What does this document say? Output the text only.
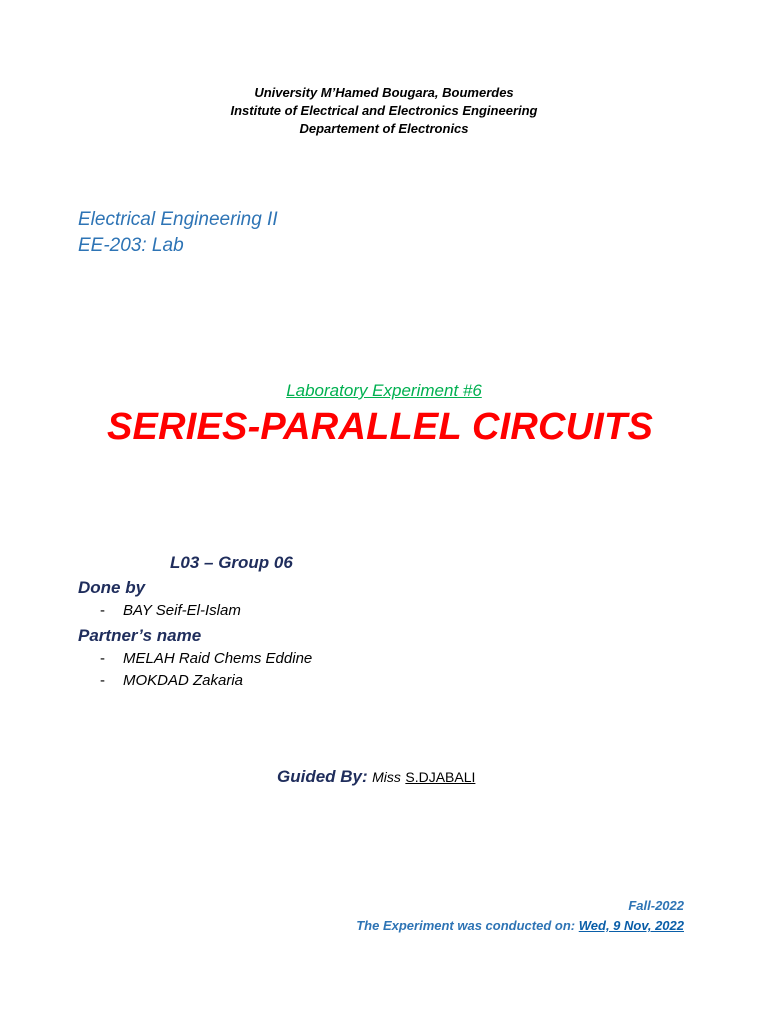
University M’Hamed Bougara, Boumerdes
Institute of Electrical and Electronics Engineering
Departement of Electronics
Electrical Engineering II
EE-203: Lab
Laboratory Experiment #6
SERIES-PARALLEL CIRCUITS
L03 – Group 06
Done by
- BAY Seif-El-Islam
Partner’s name
- MELAH Raid Chems Eddine
- MOKDAD Zakaria
Guided By: Miss S.DJABALI
Fall-2022
The Experiment was conducted on: Wed, 9 Nov, 2022
